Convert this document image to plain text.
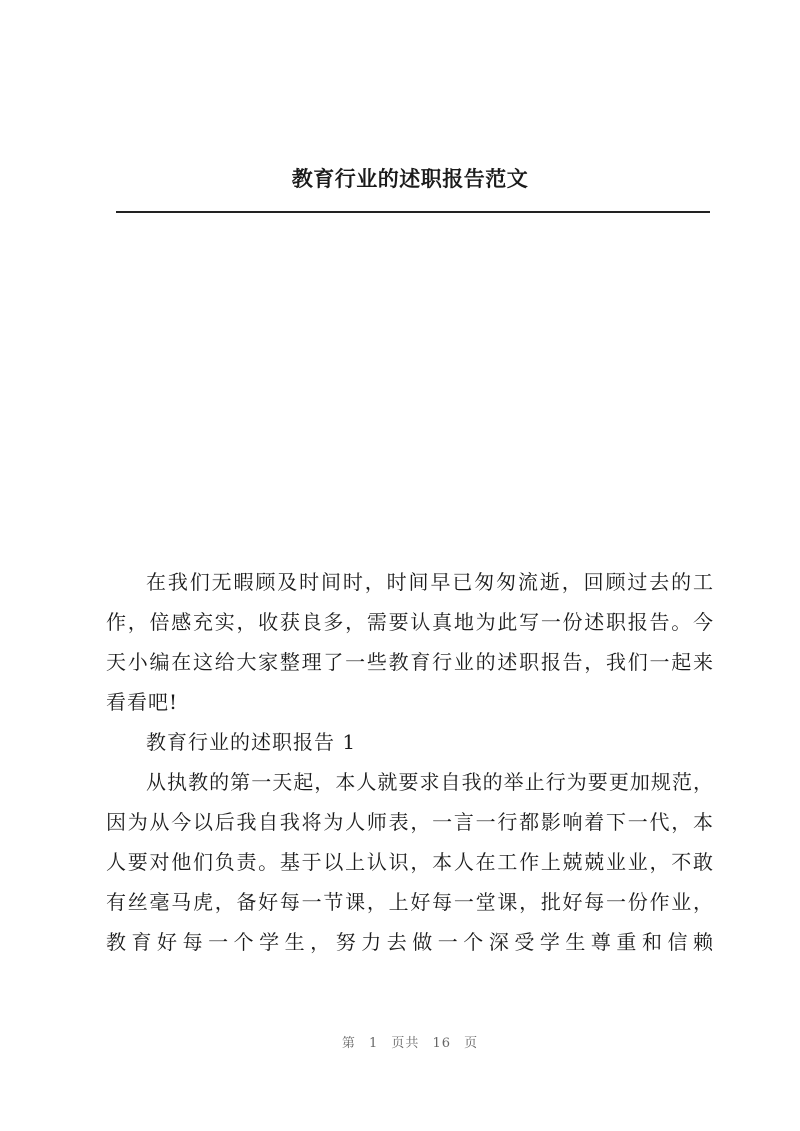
教育行业的述职报告范文

在我们无暇顾及时间时，时间早已匆匆流逝，回顾过去的工作，倍感充实，收获良多，需要认真地为此写一份述职报告。今天小编在这给大家整理了一些教育行业的述职报告，我们一起来看看吧!

教育行业的述职报告 1

从执教的第一天起，本人就要求自我的举止行为要更加规范，因为从今以后我自我将为人师表，一言一行都影响着下一代，本人要对他们负责。基于以上认识，本人在工作上兢兢业业，不敢有丝毫马虎，备好每一节课，上好每一堂课，批好每一份作业，教育好每一个学生，努力去做一个深受学生尊重和信赖

第 1 页共 16 页
